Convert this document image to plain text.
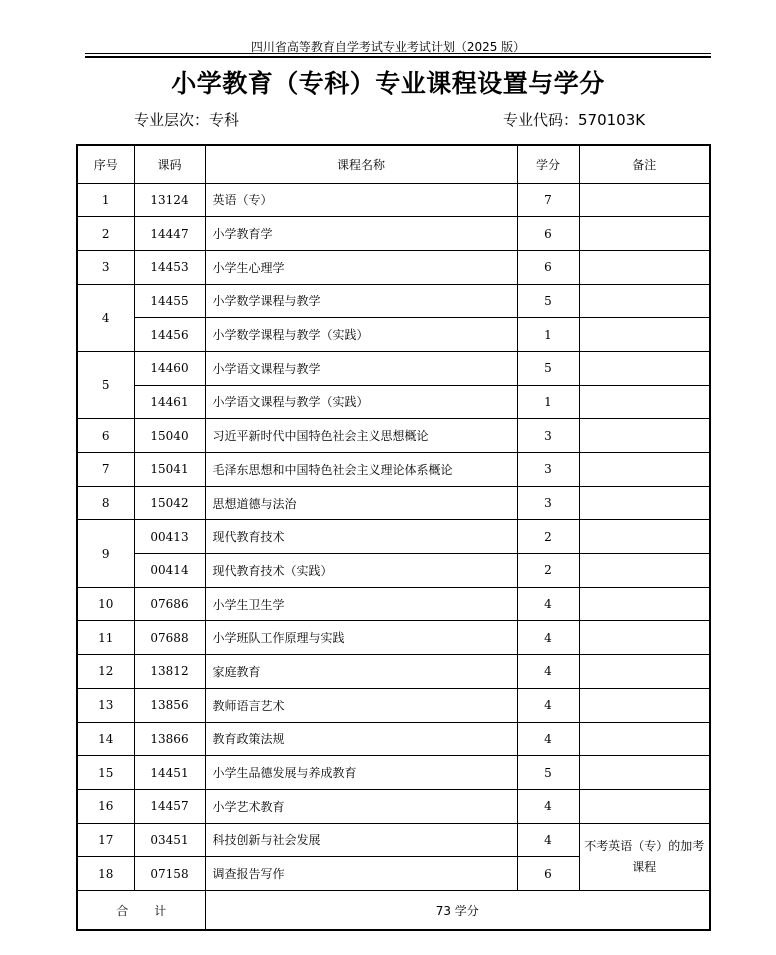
四川省高等教育自学考试专业考试计划（2025 版）
小学教育（专科）专业课程设置与学分
专业层次：专科	专业代码：570103K
序号	课码	课程名称	学分	备注
1	13124	英语（专）	7	
2	14447	小学教育学	6	
3	14453	小学生心理学	6	
4	14455	小学数学课程与教学	5	
	14456	小学数学课程与教学（实践）	1	
5	14460	小学语文课程与教学	5	
	14461	小学语文课程与教学（实践）	1	
6	15040	习近平新时代中国特色社会主义思想概论	3	
7	15041	毛泽东思想和中国特色社会主义理论体系概论	3	
8	15042	思想道德与法治	3	
9	00413	现代教育技术	2	
	00414	现代教育技术（实践）	2	
10	07686	小学生卫生学	4	
11	07688	小学班队工作原理与实践	4	
12	13812	家庭教育	4	
13	13856	教师语言艺术	4	
14	13866	教育政策法规	4	
15	14451	小学生品德发展与养成教育	5	
16	14457	小学艺术教育	4	
17	03451	科技创新与社会发展	4	不考英语（专）的加考课程
18	07158	调查报告写作	6	
合计		73 学分		
